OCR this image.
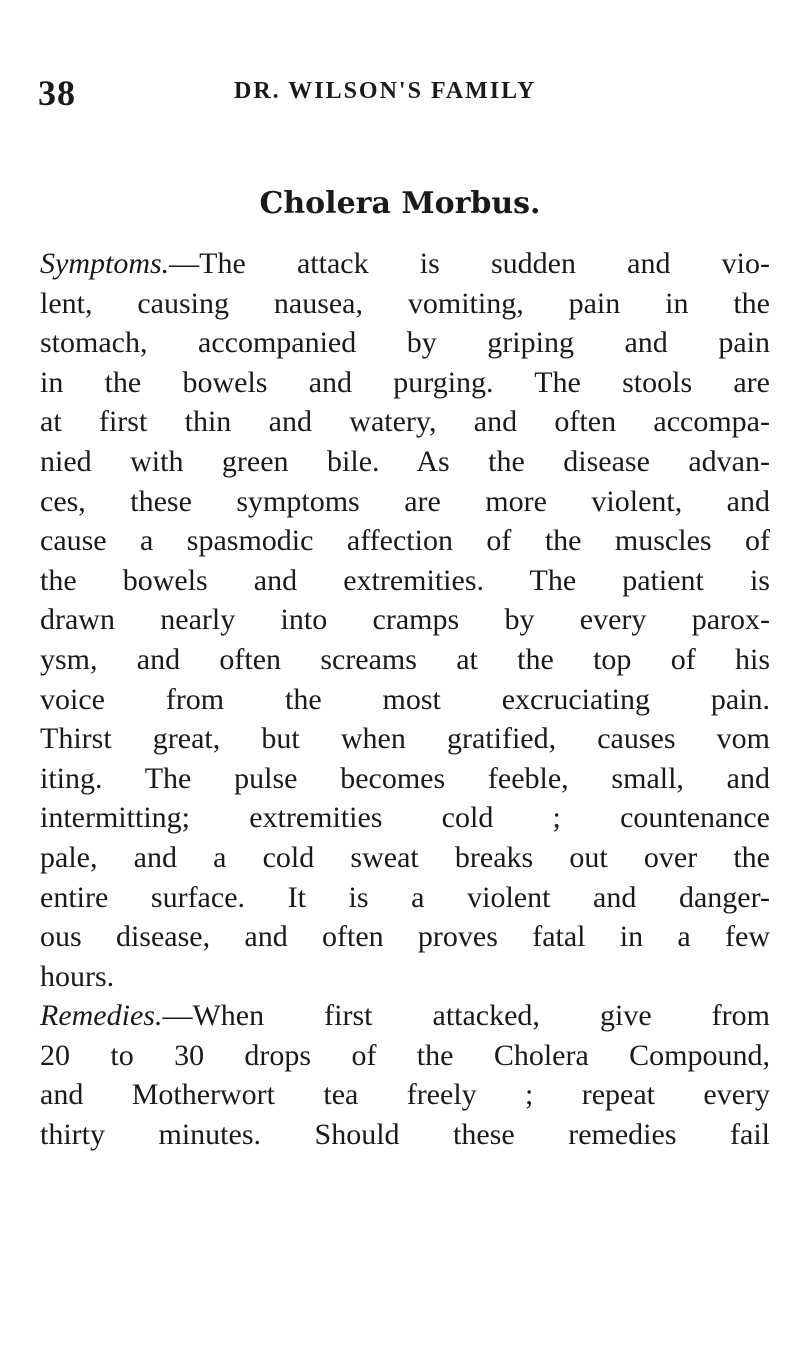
38	DR. WILSON'S FAMILY
Cholera Morbus.
Symptoms.—The attack is sudden and vio-
lent, causing nausea, vomiting, pain in the
stomach, accompanied by griping and pain
in the bowels and purging. The stools are
at first thin and watery, and often accompa-
nied with green bile. As the disease advan-
ces, these symptoms are more violent, and
cause a spasmodic affection of the muscles of
the bowels and extremities. The patient is
drawn nearly into cramps by every parox-
ysm, and often screams at the top of his
voice from the most excruciating pain.
Thirst great, but when gratified, causes vom
iting. The pulse becomes feeble, small, and
intermitting; extremities cold ; countenance
pale, and a cold sweat breaks out over the
entire surface. It is a violent and danger-
ous disease, and often proves fatal in a few
hours.
Remedies.—When first attacked, give from
20 to 30 drops of the Cholera Compound,
and Motherwort tea freely ; repeat every
thirty minutes. Should these remedies fail
